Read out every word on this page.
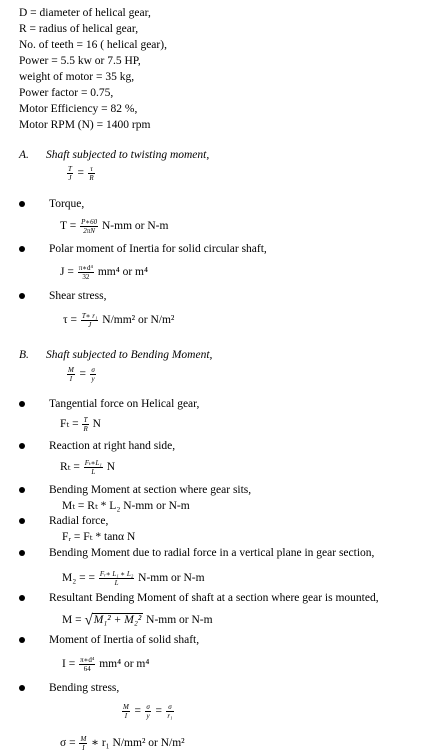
D = diameter of helical gear,
R = radius of helical gear,
No. of teeth = 16 ( helical gear),
Power = 5.5 kw or 7.5 HP,
weight of motor = 35 kg,
Power factor = 0.75,
Motor Efficiency = 82 %,
Motor RPM (N) = 1400 rpm
A. Shaft subjected to twisting moment,
$\frac{T}{J} = \frac{\tau}{R}$
Torque,
$T = \frac{P∗60}{2\pi N} N-mm$ or N-m
Polar moment of Inertia for solid circular shaft,
$J = \frac{\text{π∗d⁴}}{32} mm^4$ or m⁴
Shear stress,
$\tau = \frac{\text{T∗ r₁}}{J} N/mm^2$ or N/m²
B. Shaft subjected to Bending Moment,
$\frac{M}{I} = \frac{\sigma}{y}$
Tangential force on Helical gear,
$F_t = \frac{T}{R}$ N
Reaction at right hand side,
$R_t = \frac{\text{Fₜ∗L₁}}{L}$ N
Bending Moment at section where gear sits,
Mₜ = Rₜ * L₂ N-mm or N-m
Radial force,
Fᵣ = Fₜ * tanα N
Bending Moment due to radial force in a vertical plane in gear section,
M₂ = = $\frac{\text{Fᵣ∗ L₁ ∗ L₂}}{L} N-mm$ or N-m
Resultant Bending Moment of shaft at a section where gear is mounted,
M = √M₁² + M₂² N-mm or N-m
Moment of Inertia of solid shaft,
$I = \frac{\text{π∗d⁴}}{64} mm^4$ or m⁴
Bending stress,
$\frac{M}{I} = \frac{\sigma}{y} = \frac{\sigma}{\text{r₁}}$
$\sigma = \frac{M}{I}$ ∗ r₁ N/mm² or N/m²
